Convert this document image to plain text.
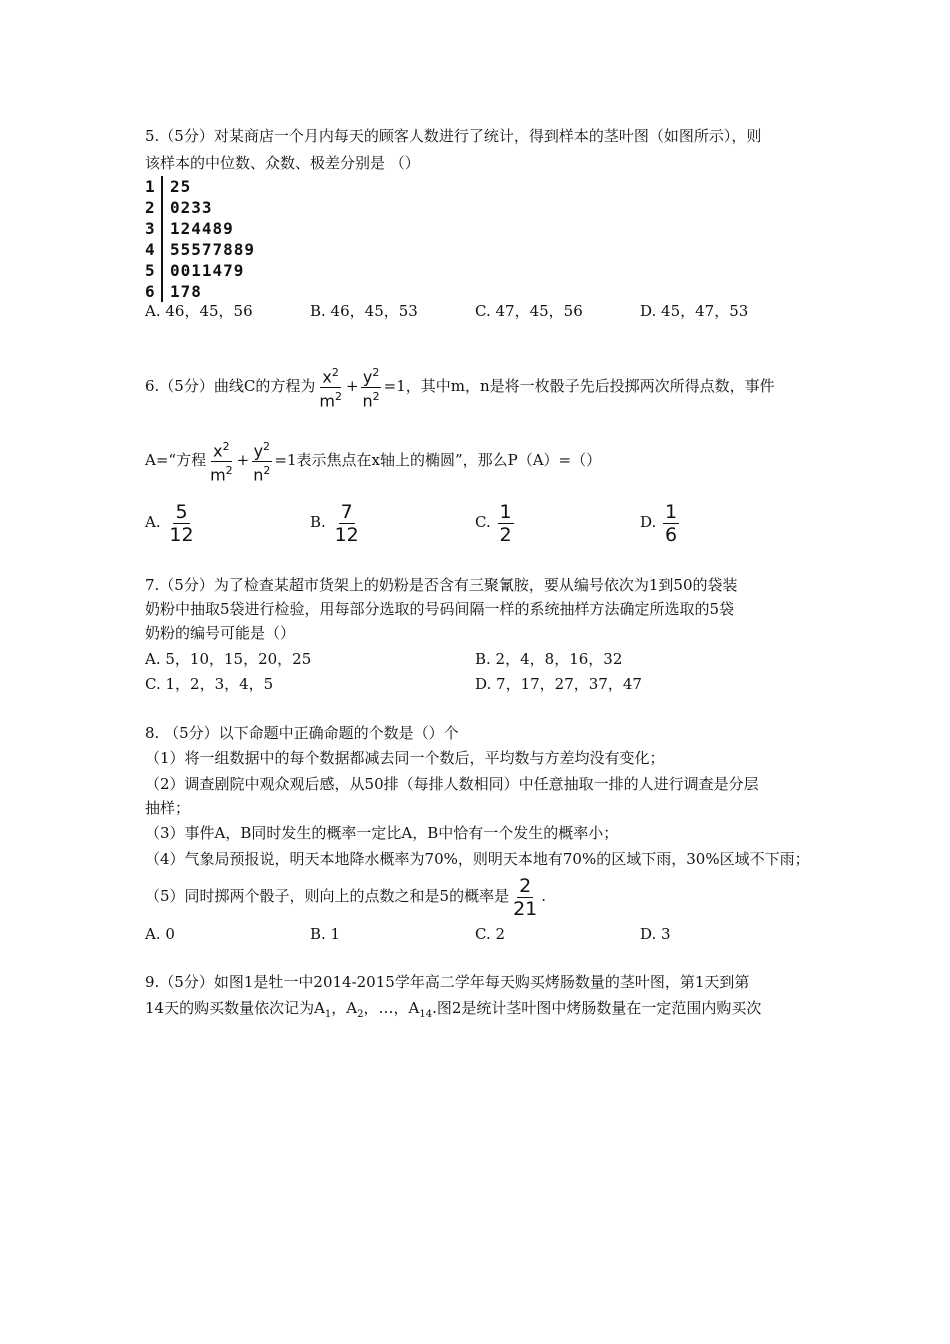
5.（5分）对某商店一个月内每天的顾客人数进行了统计，得到样本的茎叶图（如图所示），则
该样本的中位数、众数、极差分别是 （）
1 25
2 0233
3 124489
4 55577889
5 0011479
6 178
A. 46，45，56	B. 46，45，53	C. 47，45，56	D. 45，47，53
6.（5分）曲线C的方程为 $\frac{x^2}{m^2} + \frac{y^2}{n^2} =1$，其中m，n是将一枚骰子先后投掷两次所得点数，事件
A=“方程 $\frac{x^2}{m^2} + \frac{y^2}{n^2} =1$表示焦点在x轴上的椭圆”，那么P（A）=（）
A. $\frac{5}{12}$	B. $\frac{7}{12}$	C. $\frac{1}{2}$	D. $\frac{1}{6}$
7.（5分）为了检查某超市货架上的奶粉是否含有三聚氰胺，要从编号依次为1到50的袋装
奶粉中抽取5袋进行检验，用每部分选取的号码间隔一样的系统抽样方法确定所选取的5袋
奶粉的编号可能是（）
A. 5，10，15，20，25	B. 2，4，8，16，32
C. 1，2，3，4，5	D. 7，17，27，37，47
8. （5分）以下命题中正确命题的个数是（）个
（1）将一组数据中的每个数据都减去同一个数后，平均数与方差均没有变化；
（2）调查剧院中观众观后感，从50排（每排人数相同）中任意抽取一排的人进行调查是分层
抽样；
（3）事件A，B同时发生的概率一定比A，B中恰有一个发生的概率小；
（4）气象局预报说，明天本地降水概率为70%，则明天本地有70%的区域下雨，30%区域不下雨；
（5）同时掷两个骰子，则向上的点数之和是5的概率是 $\frac{2}{21}$ .
A. 0	B. 1	C. 2	D. 3
9.（5分）如图1是牡一中2014-2015学年高二学年每天购买烤肠数量的茎叶图，第1天到第
14天的购买数量依次记为$A_1$，$A_2$，…，$A_{14}$.图2是统计茎叶图中烤肠数量在一定范围内购买次
